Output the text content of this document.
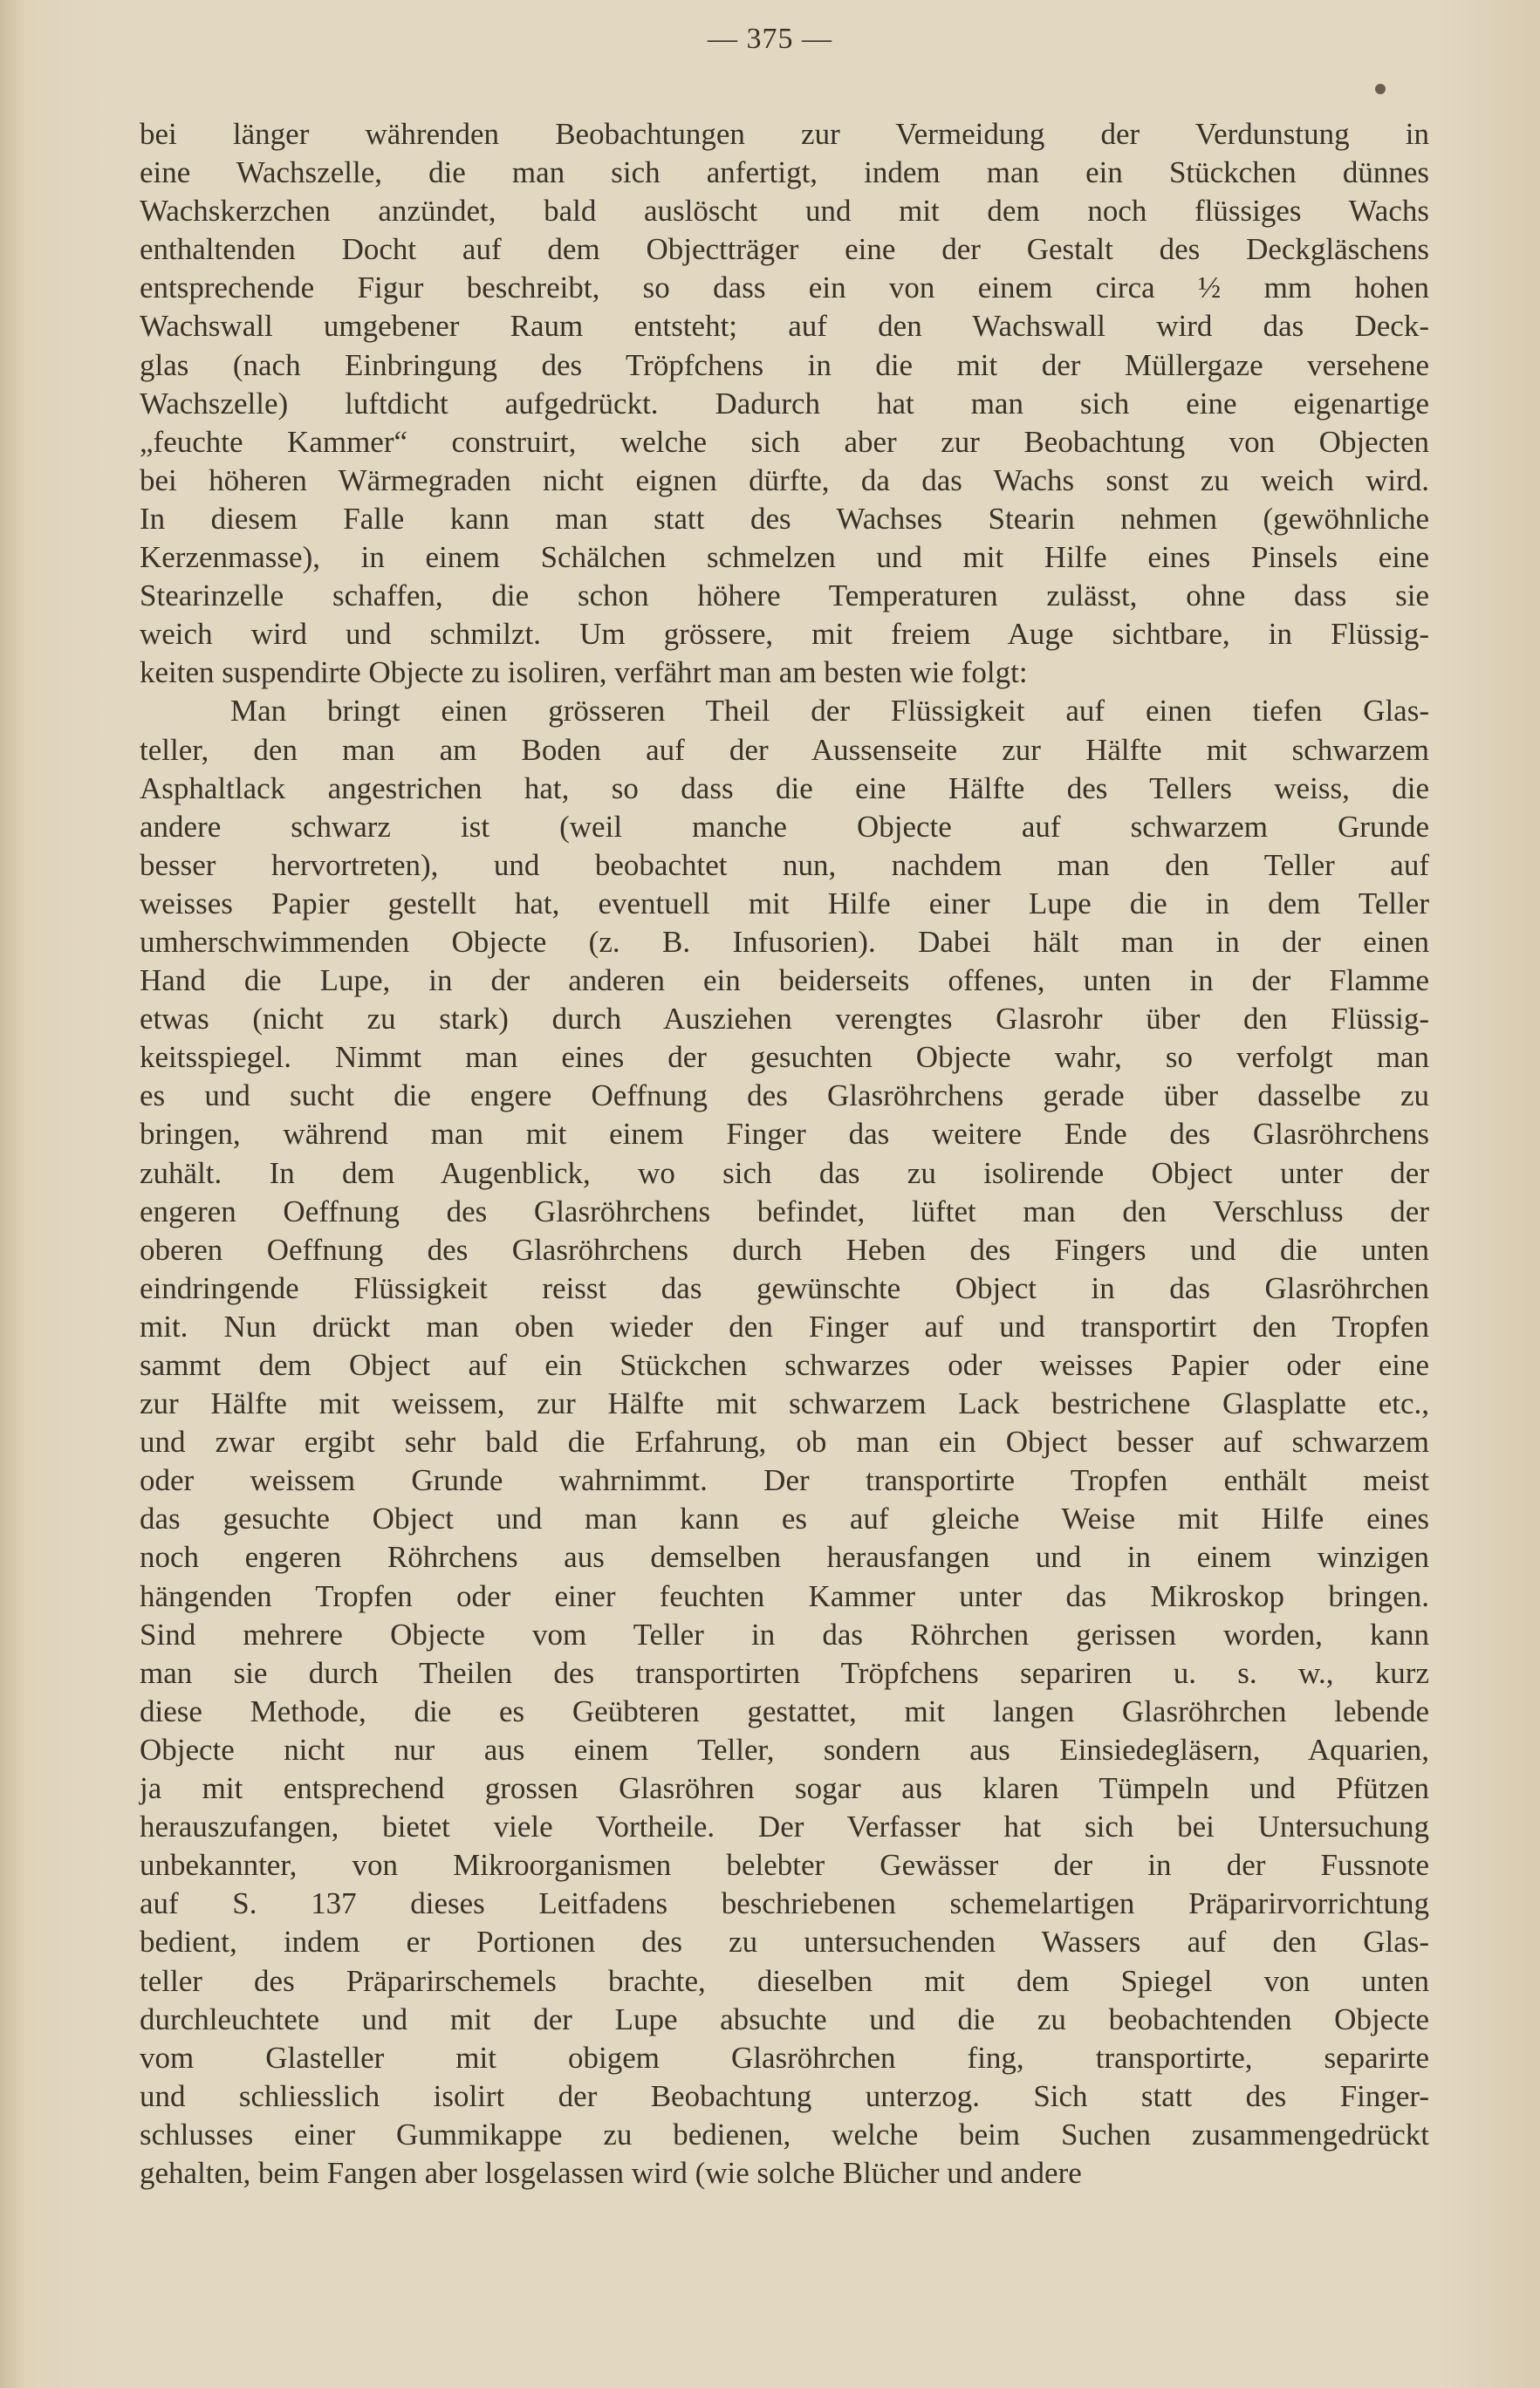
— 375 —
bei länger währenden Beobachtungen zur Vermeidung der Verdunstung in
eine Wachszelle, die man sich anfertigt, indem man ein Stückchen dünnes
Wachskerzchen anzündet, bald auslöscht und mit dem noch flüssiges Wachs
enthaltenden Docht auf dem Objectträger eine der Gestalt des Deckgläschens
entsprechende Figur beschreibt, so dass ein von einem circa ½ mm hohen
Wachswall umgebener Raum entsteht; auf den Wachswall wird das Deck-
glas (nach Einbringung des Tröpfchens in die mit der Müllergaze versehene
Wachszelle) luftdicht aufgedrückt. Dadurch hat man sich eine eigenartige
„feuchte Kammer“ construirt, welche sich aber zur Beobachtung von Objecten
bei höheren Wärmegraden nicht eignen dürfte, da das Wachs sonst zu weich wird.
In diesem Falle kann man statt des Wachses Stearin nehmen (gewöhnliche
Kerzenmasse), in einem Schälchen schmelzen und mit Hilfe eines Pinsels eine
Stearinzelle schaffen, die schon höhere Temperaturen zulässt, ohne dass sie
weich wird und schmilzt. Um grössere, mit freiem Auge sichtbare, in Flüssig-
keiten suspendirte Objecte zu isoliren, verfährt man am besten wie folgt:
Man bringt einen grösseren Theil der Flüssigkeit auf einen tiefen Glas-
teller, den man am Boden auf der Aussenseite zur Hälfte mit schwarzem
Asphaltlack angestrichen hat, so dass die eine Hälfte des Tellers weiss, die
andere schwarz ist (weil manche Objecte auf schwarzem Grunde
besser hervortreten), und beobachtet nun, nachdem man den Teller auf
weisses Papier gestellt hat, eventuell mit Hilfe einer Lupe die in dem Teller
umherschwimmenden Objecte (z. B. Infusorien). Dabei hält man in der einen
Hand die Lupe, in der anderen ein beiderseits offenes, unten in der Flamme
etwas (nicht zu stark) durch Ausziehen verengtes Glasrohr über den Flüssig-
keitsspiegel. Nimmt man eines der gesuchten Objecte wahr, so verfolgt man
es und sucht die engere Oeffnung des Glasröhrchens gerade über dasselbe zu
bringen, während man mit einem Finger das weitere Ende des Glasröhrchens
zuhält. In dem Augenblick, wo sich das zu isolirende Object unter der
engeren Oeffnung des Glasröhrchens befindet, lüftet man den Verschluss der
oberen Oeffnung des Glasröhrchens durch Heben des Fingers und die unten
eindringende Flüssigkeit reisst das gewünschte Object in das Glasröhrchen
mit. Nun drückt man oben wieder den Finger auf und transportirt den Tropfen
sammt dem Object auf ein Stückchen schwarzes oder weisses Papier oder eine
zur Hälfte mit weissem, zur Hälfte mit schwarzem Lack bestrichene Glasplatte etc.,
und zwar ergibt sehr bald die Erfahrung, ob man ein Object besser auf schwarzem
oder weissem Grunde wahrnimmt. Der transportirte Tropfen enthält meist
das gesuchte Object und man kann es auf gleiche Weise mit Hilfe eines
noch engeren Röhrchens aus demselben herausfangen und in einem winzigen
hängenden Tropfen oder einer feuchten Kammer unter das Mikroskop bringen.
Sind mehrere Objecte vom Teller in das Röhrchen gerissen worden, kann
man sie durch Theilen des transportirten Tröpfchens separiren u. s. w., kurz
diese Methode, die es Geübteren gestattet, mit langen Glasröhrchen lebende
Objecte nicht nur aus einem Teller, sondern aus Einsiedegläsern, Aquarien,
ja mit entsprechend grossen Glasröhren sogar aus klaren Tümpeln und Pfützen
herauszufangen, bietet viele Vortheile. Der Verfasser hat sich bei Untersuchung
unbekannter, von Mikroorganismen belebter Gewässer der in der Fussnote
auf S. 137 dieses Leitfadens beschriebenen schemelartigen Präparirvorrichtung
bedient, indem er Portionen des zu untersuchenden Wassers auf den Glas-
teller des Präparirschemels brachte, dieselben mit dem Spiegel von unten
durchleuchtete und mit der Lupe absuchte und die zu beobachtenden Objecte
vom Glasteller mit obigem Glasröhrchen fing, transportirte, separirte
und schliesslich isolirt der Beobachtung unterzog. Sich statt des Finger-
schlusses einer Gummikappe zu bedienen, welche beim Suchen zusammengedrückt
gehalten, beim Fangen aber losgelassen wird (wie solche Blücher und andere
